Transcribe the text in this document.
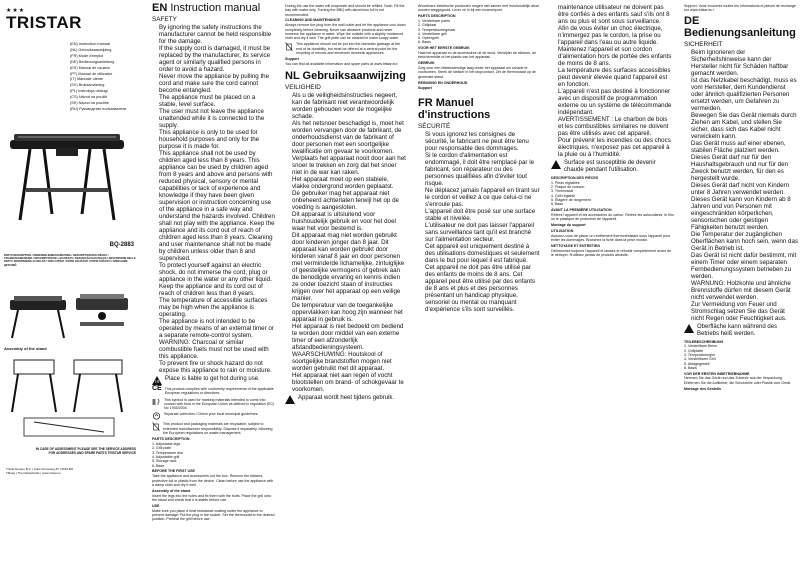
★★★
TRISTAR
(EN) Instruction manual
(NL) Gebruiksaanwijzing
(FR) Mode d'emploi
(DE) Bedienungsanleitung
(ES) Manual de usuario
(PT) Manual de utilizador
(IT) Manuale utente
(SV) Bruksanvisning
(PL) Instrukcja obsługi
(CS) Návod na použití
(SK) Návod na použitie
(RU) Руководство пользователя
BQ-2883
PARTS DESCRIPTION / ONDERDELENBESCHRIJVING / DESCRIPTION DES PIÈCES / TEILEBESCHREIBUNG / DESCRIPCIÓN DE LAS PIEZAS / DESCRIÇÃO DAS PEÇAS / DESCRIZIONE DELLE PARTI / BESKRIVNING AV DELAR / OPIS CZĘŚCI / POPIS SOUČÁSTÍ / POPIS SÚČASTÍ / ОПИСАНИЕ ДЕТАЛЕЙ
Assembly of the stand
IN CASE OF ASSESSMENT PLEASE SEE THE SERVICE ADDRESS FOR ADDRESSES AND SPARE PARTS TRISTAR SERVICE
Tristar Europe B.V. | Jules Verneweg 87 | 5015 BH Tilburg | The Netherlands | www.tristar.eu
EN Instruction manual
SAFETY
• By ignoring the safety instructions the manufacturer cannot be held responsible for the damage.
• If the supply cord is damaged, it must be replaced by the manufacturer, its service agent or similarly qualified persons in order to avoid a hazard.
• Never move the appliance by pulling the cord and make sure the cord cannot become entangled.
• The appliance must be placed on a stable, level surface.
• The user must not leave the appliance unattended while it is connected to the supply.
• This appliance is only to be used for household purposes and only for the purpose it is made for.
• This appliance shall not be used by children aged less than 8 years. This appliance can be used by children aged from 8 years and above and persons with reduced physical, sensory or mental capabilities or lack of experience and knowledge if they have been given supervision or instruction concerning use of the appliance in a safe way and understand the hazards involved. Children shall not play with the appliance. Keep the appliance and its cord out of reach of children aged less than 8 years. Cleaning and user maintenance shall not be made by children unless older than 8 and supervised.
• To protect yourself against an electric shock, do not immerse the cord, plug or appliance in the water or any other liquid.
• Keep the appliance and its cord out of reach of children less than 8 years.
• The temperature of accessible surfaces may be high when the appliance is operating.
• The appliance is not intended to be operated by means of an external timer or a separate remote-control system.
• WARNING: Charcoal or similar combustible fuels must not be used with this appliance.
• To prevent fire or shock hazard do not expose this appliance to rain or moisture.
Place is liable to get hot during use.
CE This product complies with conformity requirements of the applicable European regulations or directives.
This symbol is used for marking materials intended to come into contact with food in the European Union as defined in regulation (EC) No 1935/2004.
Separate collection / Check your local municipal guidelines.
This product and packaging materials are recyclable, subject to extended manufacturer responsibility. Dispose it separately, following the European regulations on waste management.
PARTS DESCRIPTION
1. Adjustable legs
2. Grill plate
3. Temperature dial
4. Adjustable grill
5. Storage rack
6. Base
BEFORE THE FIRST USE

Take the appliance and accessories out the box. Remove the stickers, protective foil or plastic from the device. Clean before use the appliance with a damp cloth and dry it well.

Assembly of the stand

Insert the legs into the holes and fix them with the bolts. Place the grill onto the stand and check that it is stable before use.

USE

Make sure you place a heat resistance coating under the appliance to prevent damage. Put the plug in the socket. Set the thermostat to the desired position. Preheat the grill before use.

During the use the water will evaporate and should be refilled. Note: Fill the tray with water only. Turning the BBQ with aluminium foil is not recommended.

CLEANING AND MAINTENANCE

Always remove the plug from the wall outlet and let the appliance cool down completely before cleaning. Never use abrasive products and never immerse the appliance in water. Wipe the outside with a slightly moistened cloth and dry it well. The grill plate can be cleaned in warm soapy water.

This appliance should not be put into the domestic garbage at the end of its durability, but must be offered at a central point for the recycling of electric and electronic domestic appliances.
Support

You can find all available information and spare parts at www.tristar.eu!

NL Gebruiksaanwijzing
VEILIGHEID
• Als u de veiligheidsinstructies negeert, kan de fabrikant niet verantwoordelijk worden gehouden voor de mogelijke schade.
• Als het netsnoer beschadigd is, moet het worden vervangen door de fabrikant, de onderhoudsdienst van de fabrikant of door personen met een soortgelijke kwalificatie om gevaar te voorkomen.
• Verplaats het apparaat nooit door aan het snoer te trekken en zorg dat het snoer niet in de war kan raken.
• Het apparaat moet op een stabiele, vlakke ondergrond worden geplaatst.
• De gebruiker mag het apparaat niet onbeheerd achterlaten terwijl het op de voeding is aangesloten.
• Dit apparaat is uitsluitend voor huishoudelijk gebruik en voor het doel waar het voor bestemd is.
• Dit apparaat mag niet worden gebruikt door kinderen jonger dan 8 jaar. Dit apparaat kan worden gebruikt door kinderen vanaf 8 jaar en door personen met verminderde lichamelijke, zintuiglijke of geestelijke vermogens of gebrek aan de benodigde ervaring en kennis indien ze onder toezicht staan of instructies krijgen over het apparaat op een veilige manier.
• De temperatuur van de toegankelijke oppervlakken kan hoog zijn wanneer het apparaat in gebruik is.
• Het apparaat is niet bedoeld om bediend te worden door middel van een externe timer of een afzonderlijk afstandbedieningsysteem.
• WAARSCHUWING: Houtskool of soortgelijke brandstoffen mogen niet worden gebruikt met dit apparaat.
• Het apparaat niet aan regen of vocht blootstellen om brand- of schokgevaar te voorkomen.
Apparaat wordt heet tijdens gebruik.

Afvoerbare elektrische producten mogen niet samen met huishoudelijk afval worden weggegooid. Lever ze in bij een inzamelpunt.

PARTS DESCRIPTION
1. Verstelbare poten
2. Grillplaat
3. Temperatuurregelaar
4. Verstelbare grill
5. Opbergrek
6. Basis
VOOR HET EERSTE GEBRUIK

Haal het apparaat en de accessoires uit de doos. Verwijder de stickers, de beschermfolie of het plastic van het apparaat.

GEBRUIK

Zorg voor een hittebestendige laag onder het apparaat om schade te voorkomen. Steek de stekker in het stopcontact. Zet de thermostaat op de gewenste stand.

REINIGING EN ONDERHOUD
Support
FR Manuel d'instructions
SÉCURITÉ
• Si vous ignorez les consignes de sécurité, le fabricant ne peut être tenu pour responsable des dommages.
• Si le cordon d'alimentation est endommagé, il doit être remplacé par le fabricant, son réparateur ou des personnes qualifiées afin d'éviter tout risque.
• Ne déplacez jamais l'appareil en tirant sur le cordon et veillez à ce que celui-ci ne s'enroule pas.
• L'appareil doit être posé sur une surface stable et nivelée.
• L'utilisateur ne doit pas laisser l'appareil sans surveillance tant qu'il est branché sur l'alimentation secteur.
• Cet appareil est uniquement destiné à des utilisations domestiques et seulement dans le but pour lequel il est fabriqué.
• Cet appareil ne doit pas être utilisé par des enfants de moins de 8 ans. Cet appareil peut être utilisé par des enfants de 8 ans et plus et des personnes présentant un handicap physique, sensoriel ou mental ou manquant d'expérience s'ils sont surveillés.
maintenance utilisateur ne doivent pas être confiés à des enfants sauf s'ils ont 8 ans ou plus et sont sous surveillance.
• Afin de vous éviter un choc électrique, n'immergez pas le cordon, la prise ou l'appareil dans l'eau ou autre liquide.
• Maintenez l'appareil et son cordon d'alimentation hors de portée des enfants de moins de 8 ans.
• La température des surfaces accessibles peut devenir élevée quand l'appareil est en fonction.
• L'appareil n'est pas destiné à fonctionner avec un dispositif de programmation externe ou un système de télécommande indépendant.
• AVERTISSEMENT : Le charbon de bois et les combustibles similaires ne doivent pas être utilisés avec cet appareil.
• Pour prévenir les incendies ou des chocs électriques, n'exposez pas cet appareil à la pluie ou à l'humidité.
Surface est susceptible de devenir chaude pendant l'utilisation.
DESCRIPTION DES PIÈCES
1. Pieds réglables
2. Plaque de cuisson
3. Thermostat
4. Grill réglable
5. Étagère de rangement
6. Base
AVANT LA PREMIÈRE UTILISATION

Retirez l'appareil et les accessoires du carton. Retirez les autocollants, le film ou le plastique de protection de l'appareil.

Montage du support
UTILISATION

Assurez-vous de placer un revêtement thermorésistant sous l'appareil pour éviter les dommages. Branchez la fiche dans la prise murale.

NETTOYAGE ET ENTRETIEN

Débranchez toujours l'appareil et laissez-le refroidir complètement avant de le nettoyer. N'utilisez jamais de produits abrasifs.

Support: Vous trouverez toutes les informations et pièces de rechange sur www.tristar.eu !

DE Bedienungsanleitung
SICHERHEIT
• Beim Ignorieren der Sicherheitshinweise kann der Hersteller nicht für Schäden haftbar gemacht werden.
• Ist das Netzkabel beschädigt, muss es vom Hersteller, dem Kundendienst oder ähnlich qualifizierten Personen ersetzt werden, um Gefahren zu vermeiden.
• Bewegen Sie das Gerät niemals durch Ziehen am Kabel, und stellen Sie sicher, dass sich das Kabel nicht verwickeln kann.
• Das Gerät muss auf einer ebenen, stabilen Fläche platziert werden.
• Dieses Gerät darf nur für den Haushaltsgebrauch und nur für den Zweck benutzt werden, für den es hergestellt wurde.
• Dieses Gerät darf nicht von Kindern unter 8 Jahren verwendet werden. Dieses Gerät kann von Kindern ab 8 Jahren und von Personen mit eingeschränkten körperlichen, sensorischen oder geistigen Fähigkeiten benutzt werden.
• Die Temperatur der zugänglichen Oberflächen kann hoch sein, wenn das Gerät in Betrieb ist.
• Das Gerät ist nicht dafür bestimmt, mit einem Timer oder einem separaten Fernbedienungssystem betrieben zu werden.
• WARNUNG: Holzkohle und ähnliche Brennstoffe dürfen mit diesem Gerät nicht verwendet werden.
• Zur Vermeidung von Feuer und Stromschlag setzen Sie das Gerät nicht Regen oder Feuchtigkeit aus.
Oberfläche kann während des Betriebs heiß werden.
TEILEBESCHREIBUNG
1. Verstellbare Beine
2. Grillplatte
3. Temperaturregler
4. Verstellbarer Grill
5. Ablagegestell
6. Basis
VOR DER ERSTEN INBETRIEBNAHME

Nehmen Sie das Gerät und das Zubehör aus der Verpackung. Entfernen Sie die Aufkleber, die Schutzfolie oder Plastik vom Gerät.

Montage des Gestells
